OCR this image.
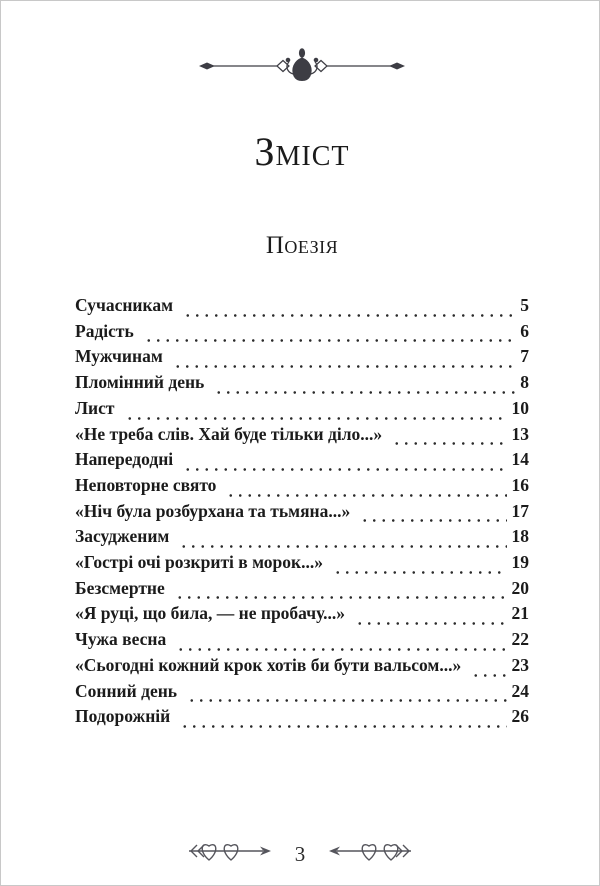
Зміст
Поезія
Сучасникам	5
Радість	6
Мужчинам	7
Пломінний день	8
Лист	10
«Не треба слів. Хай буде тільки діло...»	13
Напередодні	14
Неповторне свято	16
«Ніч була розбурхана та тьмяна...»	17
Засудженим	18
«Гострі очі розкриті в морок...»	19
Безсмертне	20
«Я руці, що била, — не пробачу...»	21
Чужа весна	22
«Сьогодні кожний крок хотів би бути вальсом...»	23
Сонний день	24
Подорожній	26
3
